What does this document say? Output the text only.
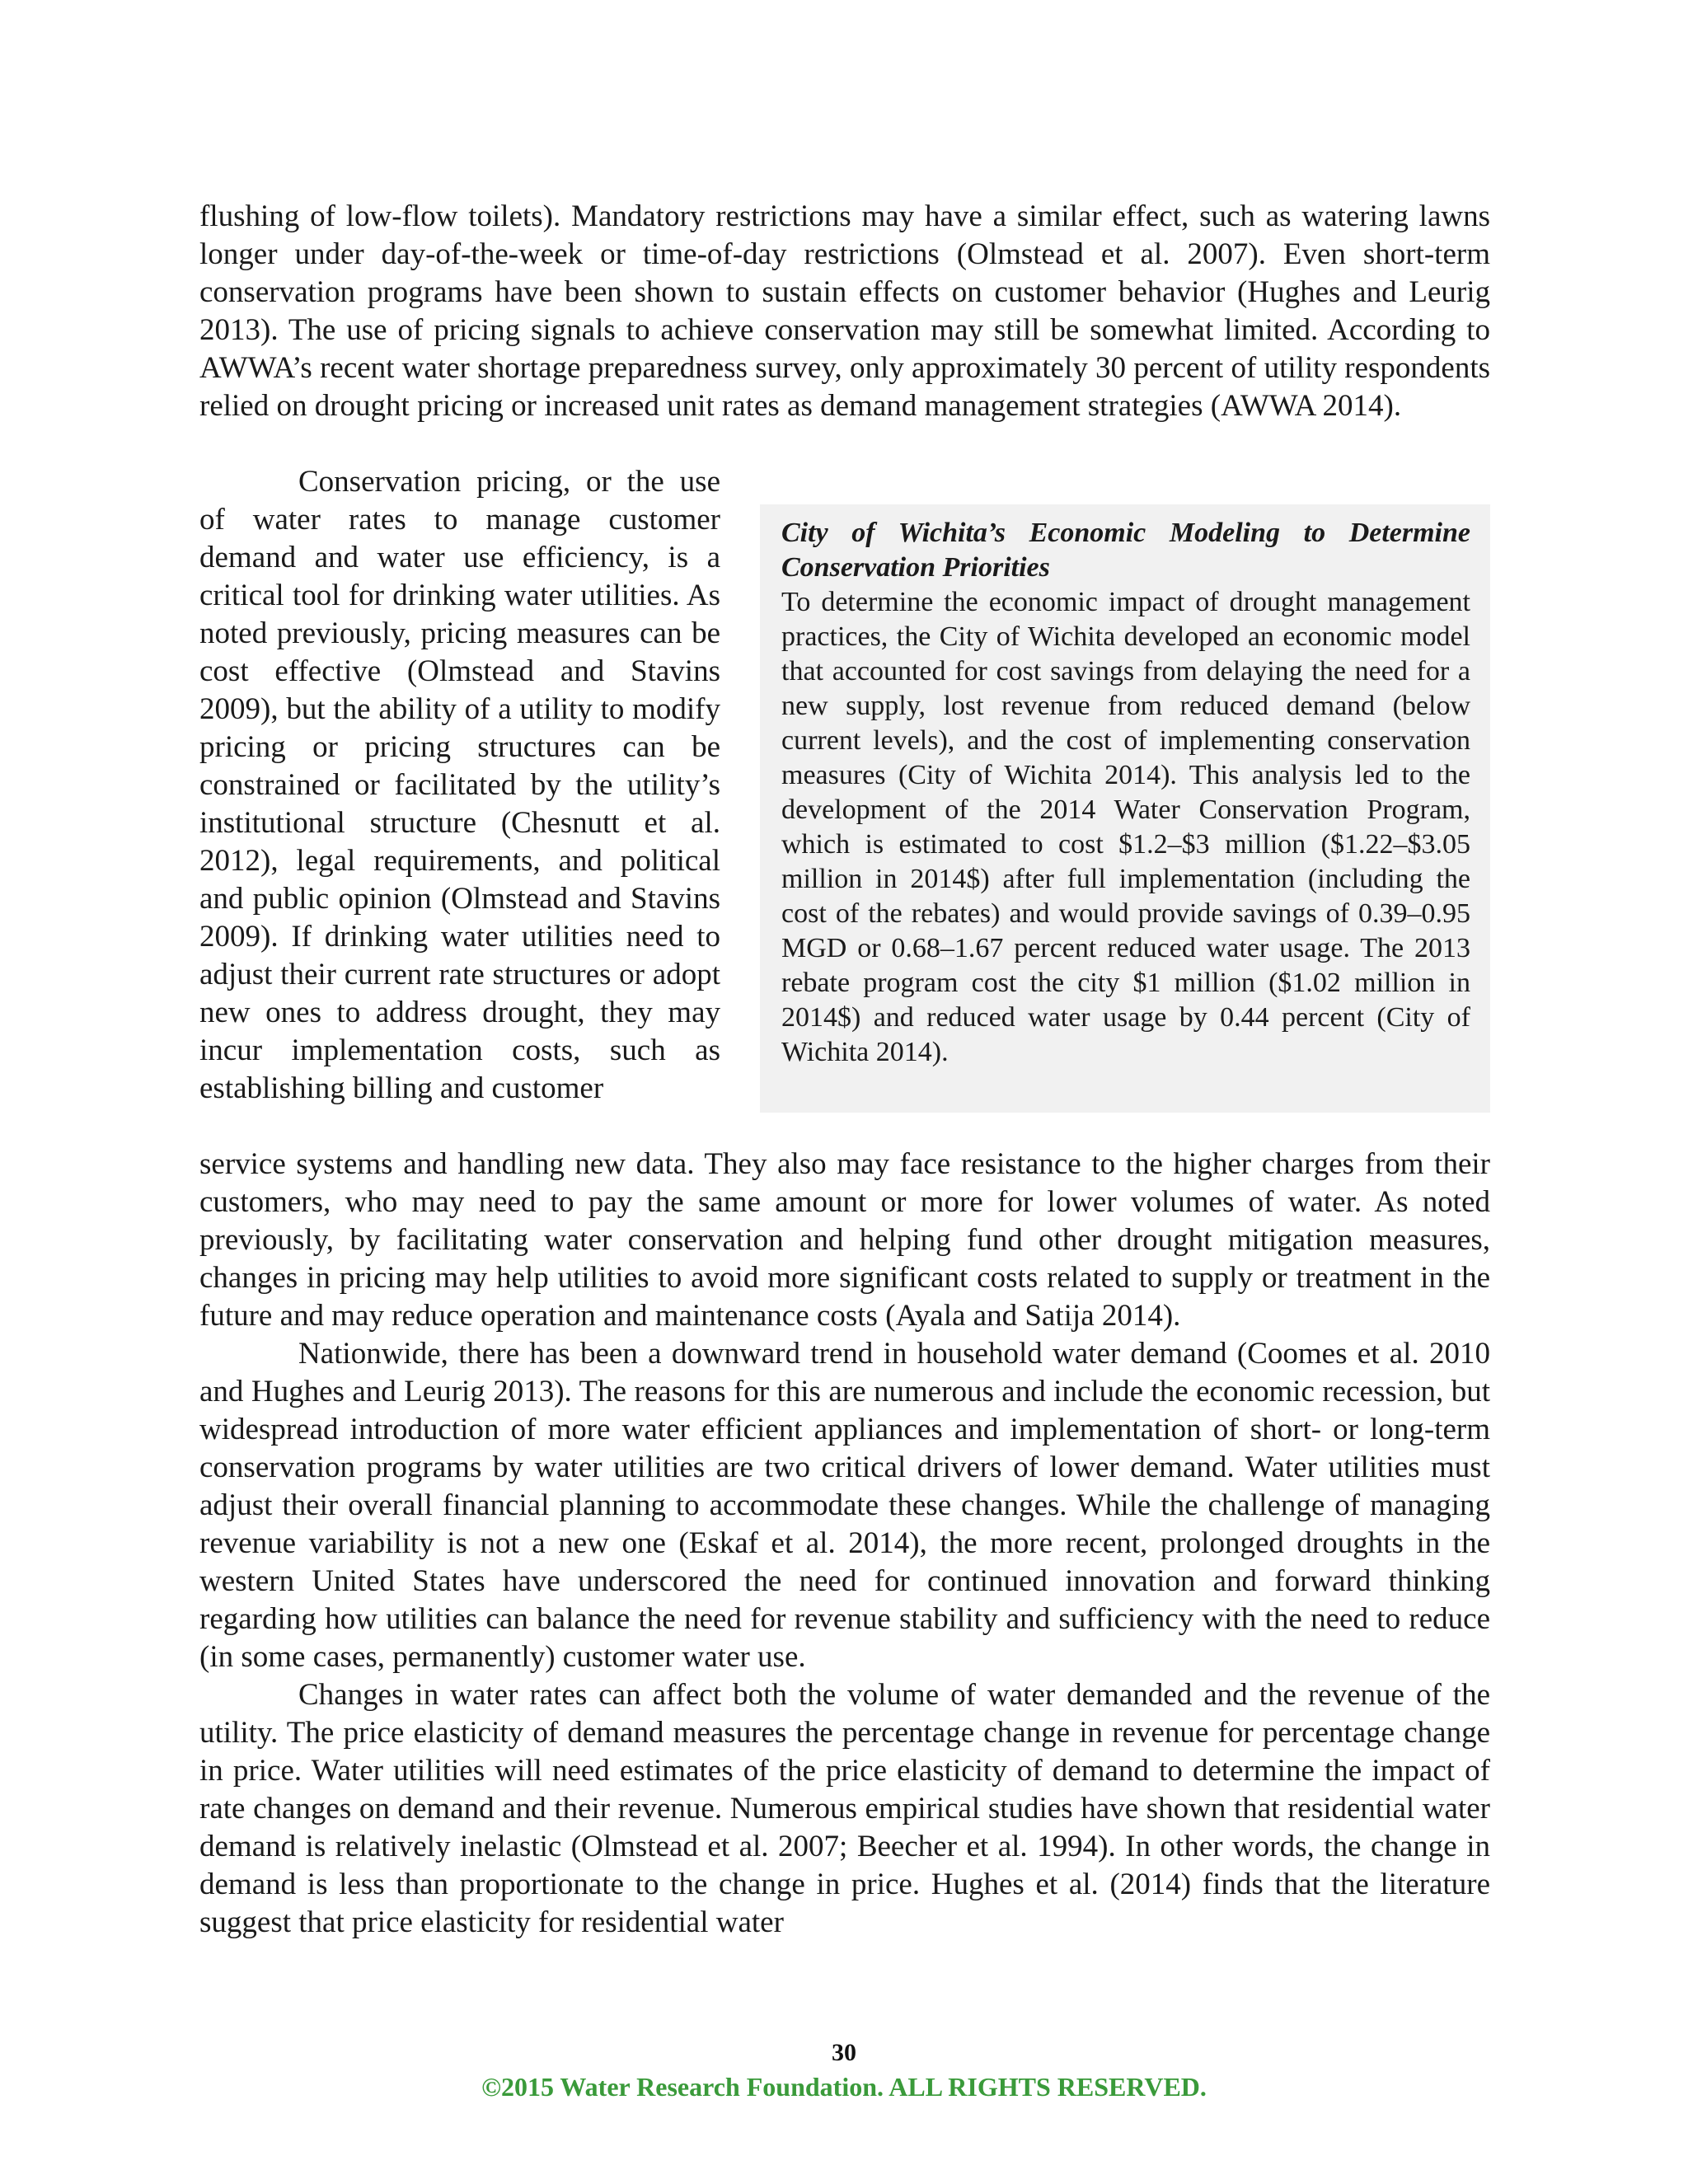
flushing of low-flow toilets). Mandatory restrictions may have a similar effect, such as watering lawns longer under day-of-the-week or time-of-day restrictions (Olmstead et al. 2007). Even short-term conservation programs have been shown to sustain effects on customer behavior (Hughes and Leurig 2013). The use of pricing signals to achieve conservation may still be somewhat limited. According to AWWA’s recent water shortage preparedness survey, only approximately 30 percent of utility respondents relied on drought pricing or increased unit rates as demand management strategies (AWWA 2014).

Conservation pricing, or the use of water rates to manage customer demand and water use efficiency, is a critical tool for drinking water utilities. As noted previously, pricing measures can be cost effective (Olmstead and Stavins 2009), but the ability of a utility to modify pricing or pricing structures can be constrained or facilitated by the utility’s institutional structure (Chesnutt et al. 2012), legal requirements, and political and public opinion (Olmstead and Stavins 2009). If drinking water utilities need to adjust their current rate structures or adopt new ones to address drought, they may incur implementation costs, such as establishing billing and customer

City of Wichita’s Economic Modeling to Determine Conservation Priorities

To determine the economic impact of drought management practices, the City of Wichita developed an economic model that accounted for cost savings from delaying the need for a new supply, lost revenue from reduced demand (below current levels), and the cost of implementing conservation measures (City of Wichita 2014). This analysis led to the development of the 2014 Water Conservation Program, which is estimated to cost $1.2–$3 million ($1.22–$3.05 million in 2014$) after full implementation (including the cost of the rebates) and would provide savings of 0.39–0.95 MGD or 0.68–1.67 percent reduced water usage. The 2013 rebate program cost the city $1 million ($1.02 million in 2014$) and reduced water usage by 0.44 percent (City of Wichita 2014).

service systems and handling new data. They also may face resistance to the higher charges from their customers, who may need to pay the same amount or more for lower volumes of water. As noted previously, by facilitating water conservation and helping fund other drought mitigation measures, changes in pricing may help utilities to avoid more significant costs related to supply or treatment in the future and may reduce operation and maintenance costs (Ayala and Satija 2014).

Nationwide, there has been a downward trend in household water demand (Coomes et al. 2010 and Hughes and Leurig 2013). The reasons for this are numerous and include the economic recession, but widespread introduction of more water efficient appliances and implementation of short- or long-term conservation programs by water utilities are two critical drivers of lower demand. Water utilities must adjust their overall financial planning to accommodate these changes. While the challenge of managing revenue variability is not a new one (Eskaf et al. 2014), the more recent, prolonged droughts in the western United States have underscored the need for continued innovation and forward thinking regarding how utilities can balance the need for revenue stability and sufficiency with the need to reduce (in some cases, permanently) customer water use.

Changes in water rates can affect both the volume of water demanded and the revenue of the utility. The price elasticity of demand measures the percentage change in revenue for percentage change in price. Water utilities will need estimates of the price elasticity of demand to determine the impact of rate changes on demand and their revenue. Numerous empirical studies have shown that residential water demand is relatively inelastic (Olmstead et al. 2007; Beecher et al. 1994). In other words, the change in demand is less than proportionate to the change in price. Hughes et al. (2014) finds that the literature suggest that price elasticity for residential water

30
©2015 Water Research Foundation. ALL RIGHTS RESERVED.
